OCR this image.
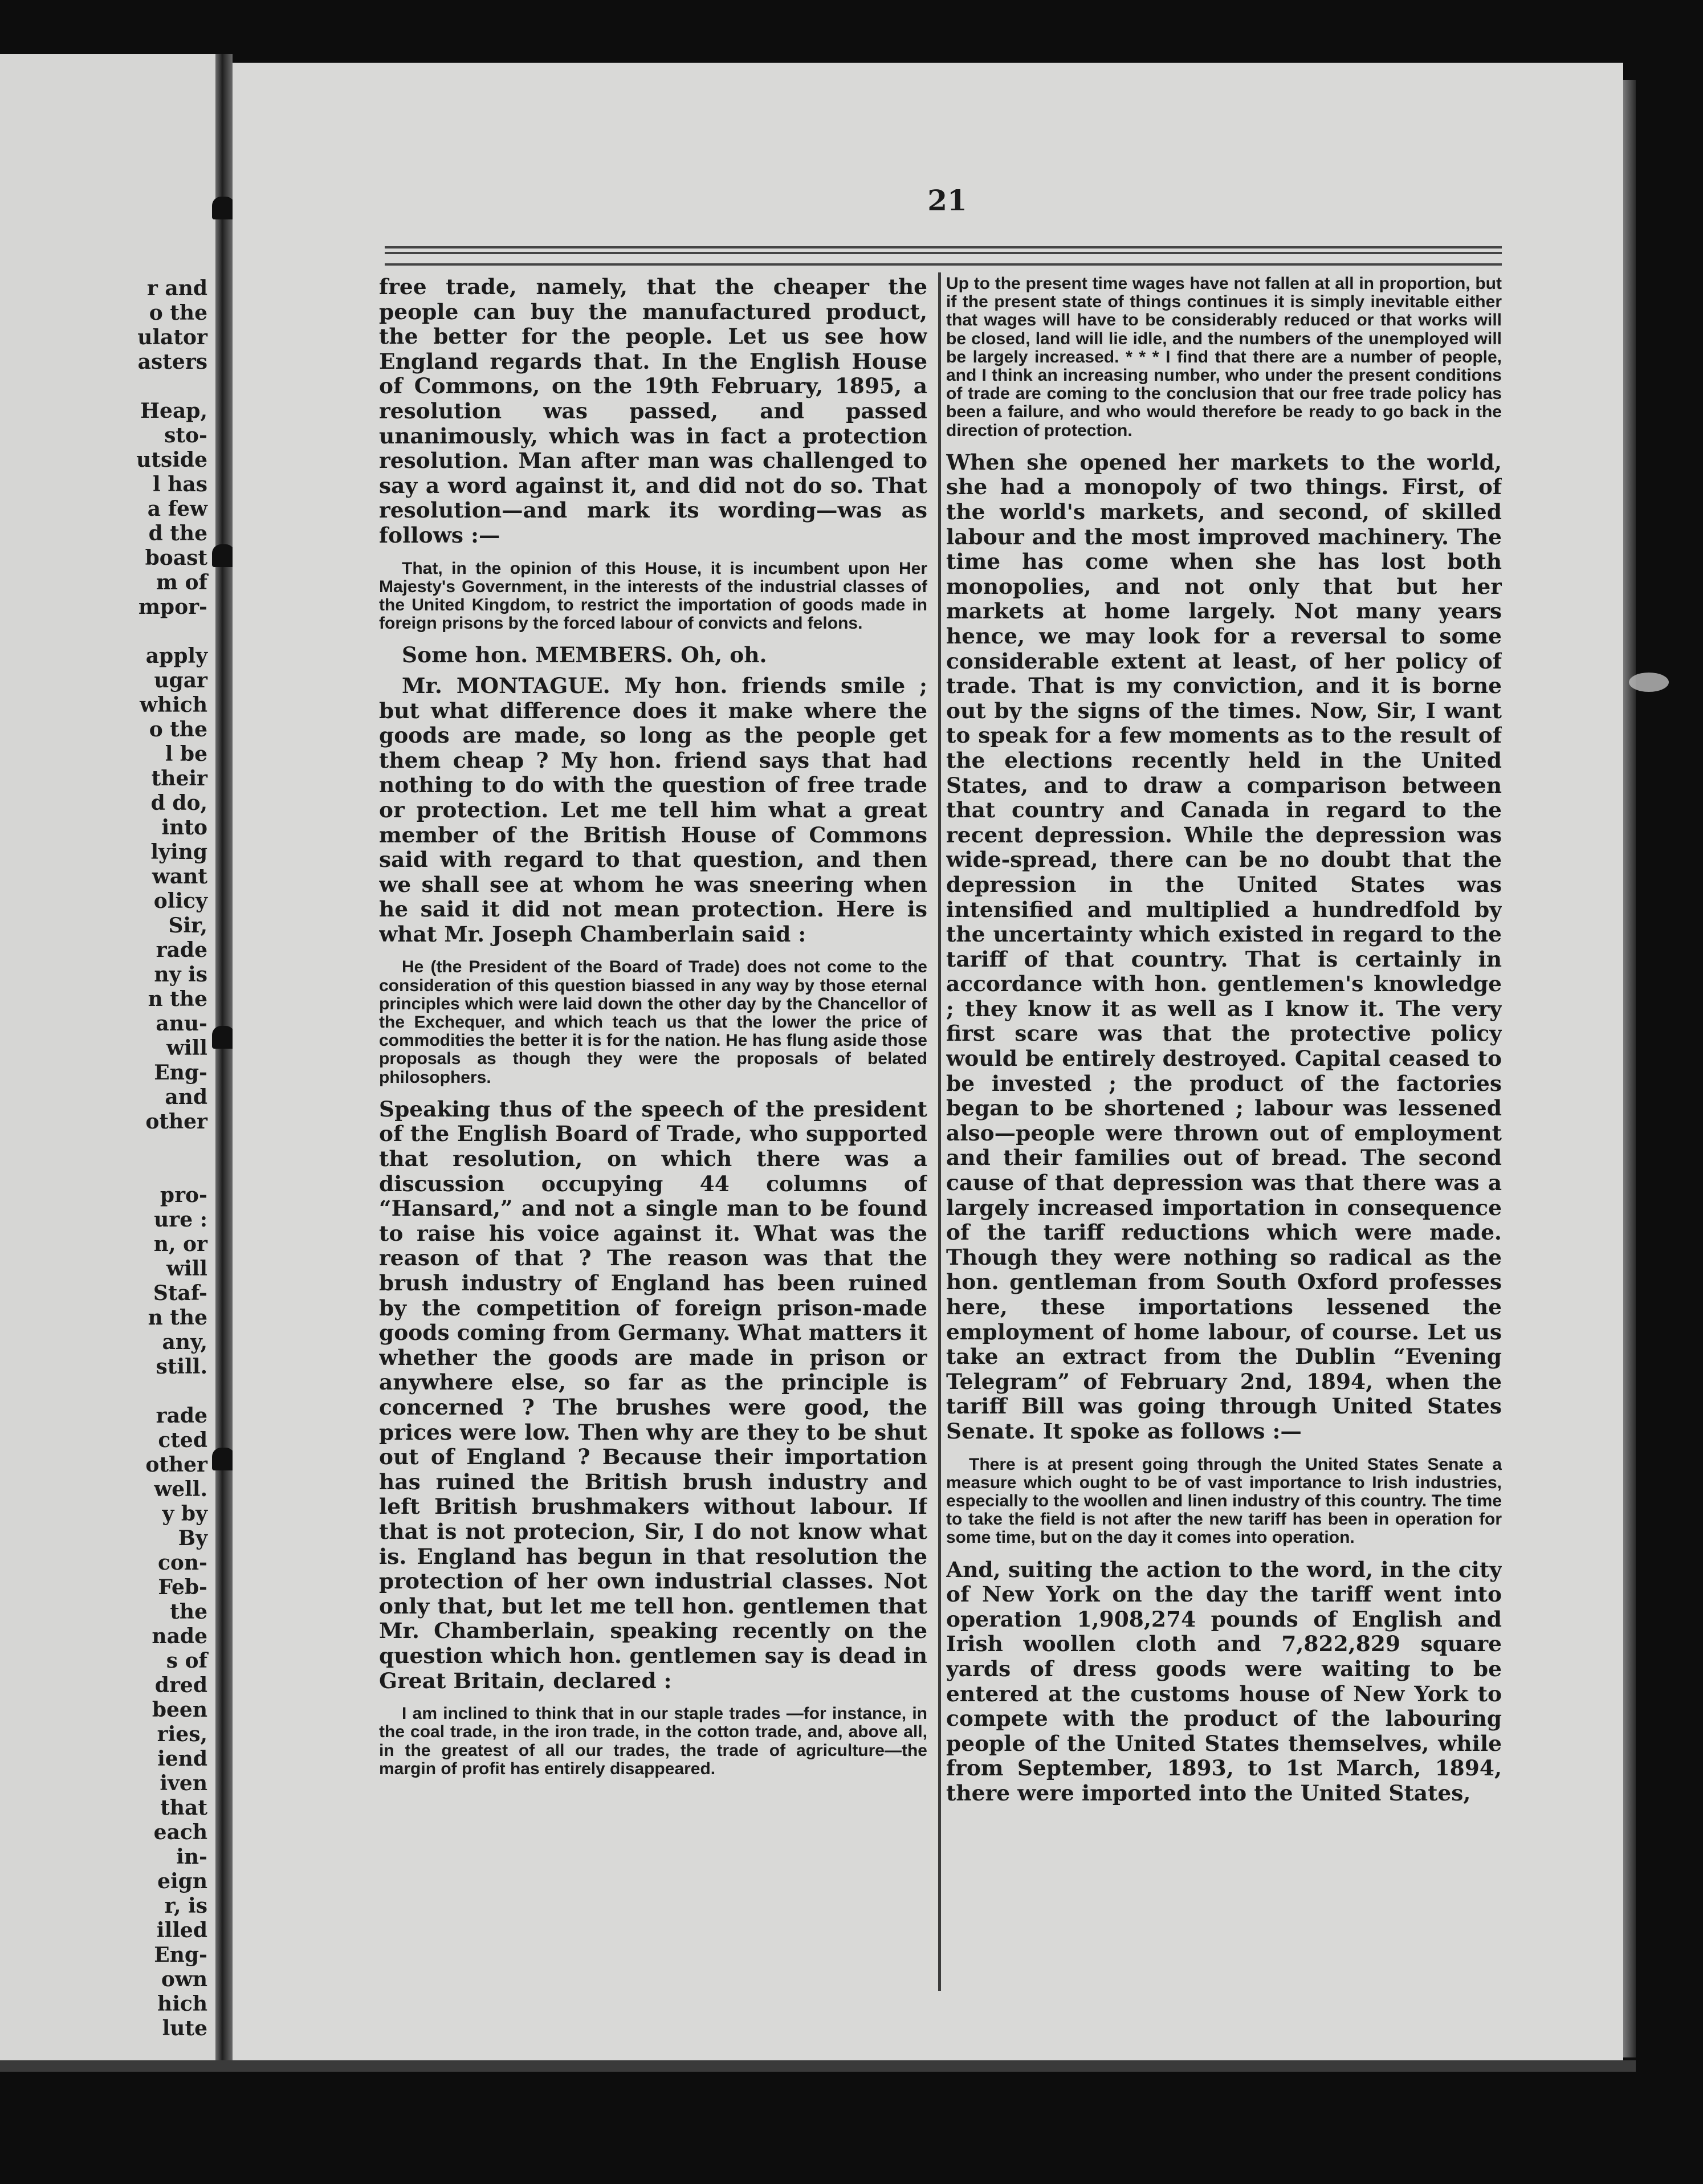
r and
o the
ulator
asters

Heap,
sto-
utside
l has
a few
d the
boast
m of
mpor-

apply
ugar
which
o the
l be
their
d do,
into
lying
want
olicy
Sir,
rade
ny is
n the
anu-
will
Eng-
and
other

pro-
ure :
n, or
will
Staf-
n the
any,
still.

rade
cted
other
well.
y by
By
con-
Feb-
the
nade
s of
dred
been
ries,
iend
iven
that
each
in-
eign
r, is
illed
Eng-
own
hich
lute
21

free trade, namely, that the cheaper the people can buy the manufactured product, the better for the people. Let us see how England regards that. In the English House of Commons, on the 19th February, 1895, a resolution was passed, and passed unanimously, which was in fact a protection resolution. Man after man was challenged to say a word against it, and did not do so. That resolution—and mark its wording—was as follows :—

That, in the opinion of this House, it is incumbent upon Her Majesty's Government, in the interests of the industrial classes of the United Kingdom, to restrict the importation of goods made in foreign prisons by the forced labour of convicts and felons.

Some hon. MEMBERS. Oh, oh.

Mr. MONTAGUE. My hon. friends smile ; but what difference does it make where the goods are made, so long as the people get them cheap ? My hon. friend says that had nothing to do with the question of free trade or protection. Let me tell him what a great member of the British House of Commons said with regard to that question, and then we shall see at whom he was sneering when he said it did not mean protection. Here is what Mr. Joseph Chamberlain said :

He (the President of the Board of Trade) does not come to the consideration of this question biassed in any way by those eternal principles which were laid down the other day by the Chancellor of the Exchequer, and which teach us that the lower the price of commodities the better it is for the nation. He has flung aside those proposals as though they were the proposals of belated philosophers.

Speaking thus of the speech of the president of the English Board of Trade, who supported that resolution, on which there was a discussion occupying 44 columns of “Hansard,” and not a single man to be found to raise his voice against it. What was the reason of that ? The reason was that the brush industry of England has been ruined by the competition of foreign prison-made goods coming from Germany. What matters it whether the goods are made in prison or anywhere else, so far as the principle is concerned ? The brushes were good, the prices were low. Then why are they to be shut out of England ? Because their importation has ruined the British brush industry and left British brushmakers without labour. If that is not protecion, Sir, I do not know what is. England has begun in that resolution the protection of her own industrial classes. Not only that, but let me tell hon. gentlemen that Mr. Chamberlain, speaking recently on the question which hon. gentlemen say is dead in Great Britain, declared :

I am inclined to think that in our staple trades —for instance, in the coal trade, in the iron trade, in the cotton trade, and, above all, in the greatest of all our trades, the trade of agriculture—the margin of profit has entirely disappeared.

Up to the present time wages have not fallen at all in proportion, but if the present state of things continues it is simply inevitable either that wages will have to be considerably reduced or that works will be closed, land will lie idle, and the numbers of the unemployed will be largely increased. * * * I find that there are a number of people, and I think an increasing number, who under the present conditions of trade are coming to the conclusion that our free trade policy has been a failure, and who would therefore be ready to go back in the direction of protection.

When she opened her markets to the world, she had a monopoly of two things. First, of the world's markets, and second, of skilled labour and the most improved machinery. The time has come when she has lost both monopolies, and not only that but her markets at home largely. Not many years hence, we may look for a reversal to some considerable extent at least, of her policy of trade. That is my conviction, and it is borne out by the signs of the times. Now, Sir, I want to speak for a few moments as to the result of the elections recently held in the United States, and to draw a comparison between that country and Canada in regard to the recent depression. While the depression was wide-spread, there can be no doubt that the depression in the United States was intensified and multiplied a hundredfold by the uncertainty which existed in regard to the tariff of that country. That is certainly in accordance with hon. gentlemen's knowledge ; they know it as well as I know it. The very first scare was that the protective policy would be entirely destroyed. Capital ceased to be invested ; the product of the factories began to be shortened ; labour was lessened also—people were thrown out of employment and their families out of bread. The second cause of that depression was that there was a largely increased importation in consequence of the tariff reductions which were made. Though they were nothing so radical as the hon. gentleman from South Oxford professes here, these importations lessened the employment of home labour, of course. Let us take an extract from the Dublin “Evening Telegram” of February 2nd, 1894, when the tariff Bill was going through United States Senate. It spoke as follows :—

There is at present going through the United States Senate a measure which ought to be of vast importance to Irish industries, especially to the woollen and linen industry of this country. The time to take the field is not after the new tariff has been in operation for some time, but on the day it comes into operation.

And, suiting the action to the word, in the city of New York on the day the tariff went into operation 1,908,274 pounds of English and Irish woollen cloth and 7,822,829 square yards of dress goods were waiting to be entered at the customs house of New York to compete with the product of the labouring people of the United States themselves, while from September, 1893, to 1st March, 1894, there were imported into the United States,
